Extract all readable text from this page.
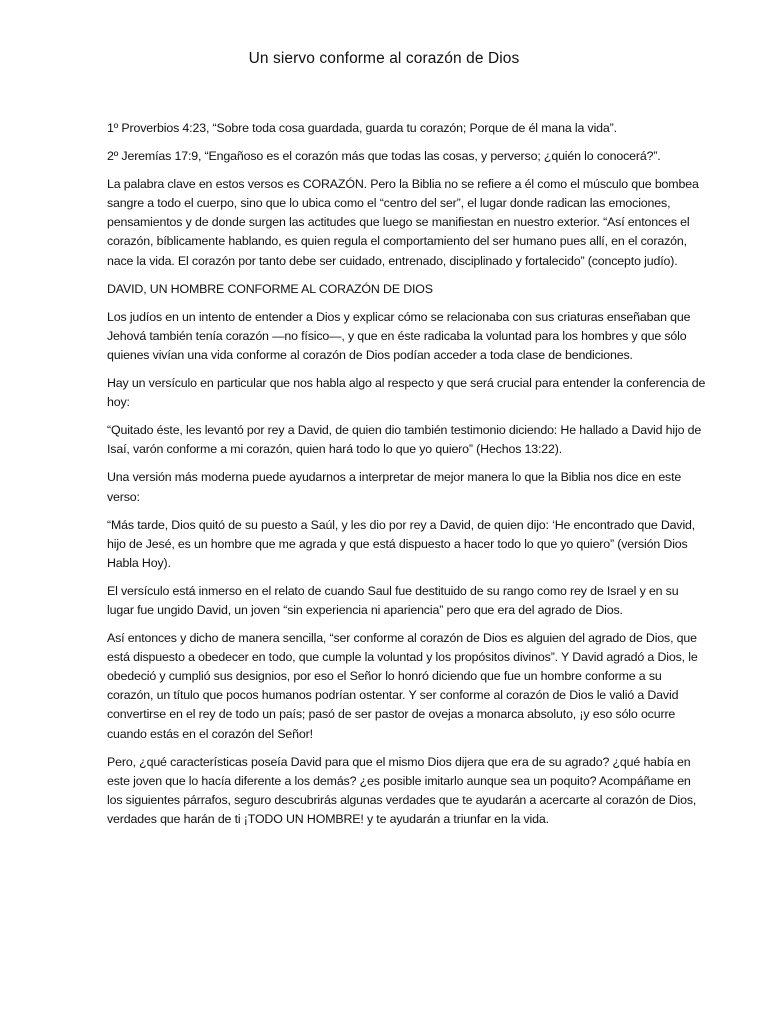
Un siervo conforme al corazón de Dios

1º Proverbios 4:23, “Sobre toda cosa guardada, guarda tu corazón; Porque de él mana la vida”.

2º Jeremías 17:9, “Engañoso es el corazón más que todas las cosas, y perverso; ¿quién lo conocerá?”.

La palabra clave en estos versos es CORAZÓN. Pero la Biblia no se refiere a él como el músculo que bombea sangre a todo el cuerpo, sino que lo ubica como el “centro del ser”, el lugar donde radican las emociones, pensamientos y de donde surgen las actitudes que luego se manifiestan en nuestro exterior. “Así entonces el corazón, bíblicamente hablando, es quien regula el comportamiento del ser humano pues allí, en el corazón, nace la vida. El corazón por tanto debe ser cuidado, entrenado, disciplinado y fortalecido” (concepto judío).

DAVID, UN HOMBRE CONFORME AL CORAZÓN DE DIOS

Los judíos en un intento de entender a Dios y explicar cómo se relacionaba con sus criaturas enseñaban que Jehová también tenía corazón —no físico—, y que en éste radicaba la voluntad para los hombres y que sólo quienes vivían una vida conforme al corazón de Dios podían acceder a toda clase de bendiciones.

Hay un versículo en particular que nos habla algo al respecto y que será crucial para entender la conferencia de hoy:

“Quitado éste, les levantó por rey a David, de quien dio también testimonio diciendo: He hallado a David hijo de Isaí, varón conforme a mi corazón, quien hará todo lo que yo quiero” (Hechos 13:22).

Una versión más moderna puede ayudarnos a interpretar de mejor manera lo que la Biblia nos dice en este verso:

“Más tarde, Dios quitó de su puesto a Saúl, y les dio por rey a David, de quien dijo: ‘He encontrado que David, hijo de Jesé, es un hombre que me agrada y que está dispuesto a hacer todo lo que yo quiero” (versión Dios Habla Hoy).

El versículo está inmerso en el relato de cuando Saul fue destituido de su rango como rey de Israel y en su lugar fue ungido David, un joven “sin experiencia ni apariencia” pero que era del agrado de Dios.

Así entonces y dicho de manera sencilla, “ser conforme al corazón de Dios es alguien del agrado de Dios, que está dispuesto a obedecer en todo, que cumple la voluntad y los propósitos divinos”. Y David agradó a Dios, le obedeció y cumplió sus designios, por eso el Señor lo honró diciendo que fue un hombre conforme a su corazón, un título que pocos humanos podrían ostentar. Y ser conforme al corazón de Dios le valió a David convertirse en el rey de todo un país; pasó de ser pastor de ovejas a monarca absoluto, ¡y eso sólo ocurre cuando estás en el corazón del Señor!

Pero, ¿qué características poseía David para que el mismo Dios dijera que era de su agrado? ¿qué había en este joven que lo hacía diferente a los demás? ¿es posible imitarlo aunque sea un poquito? Acompáñame en los siguientes párrafos, seguro descubrirás algunas verdades que te ayudarán a acercarte al corazón de Dios, verdades que harán de ti ¡TODO UN HOMBRE! y te ayudarán a triunfar en la vida.
